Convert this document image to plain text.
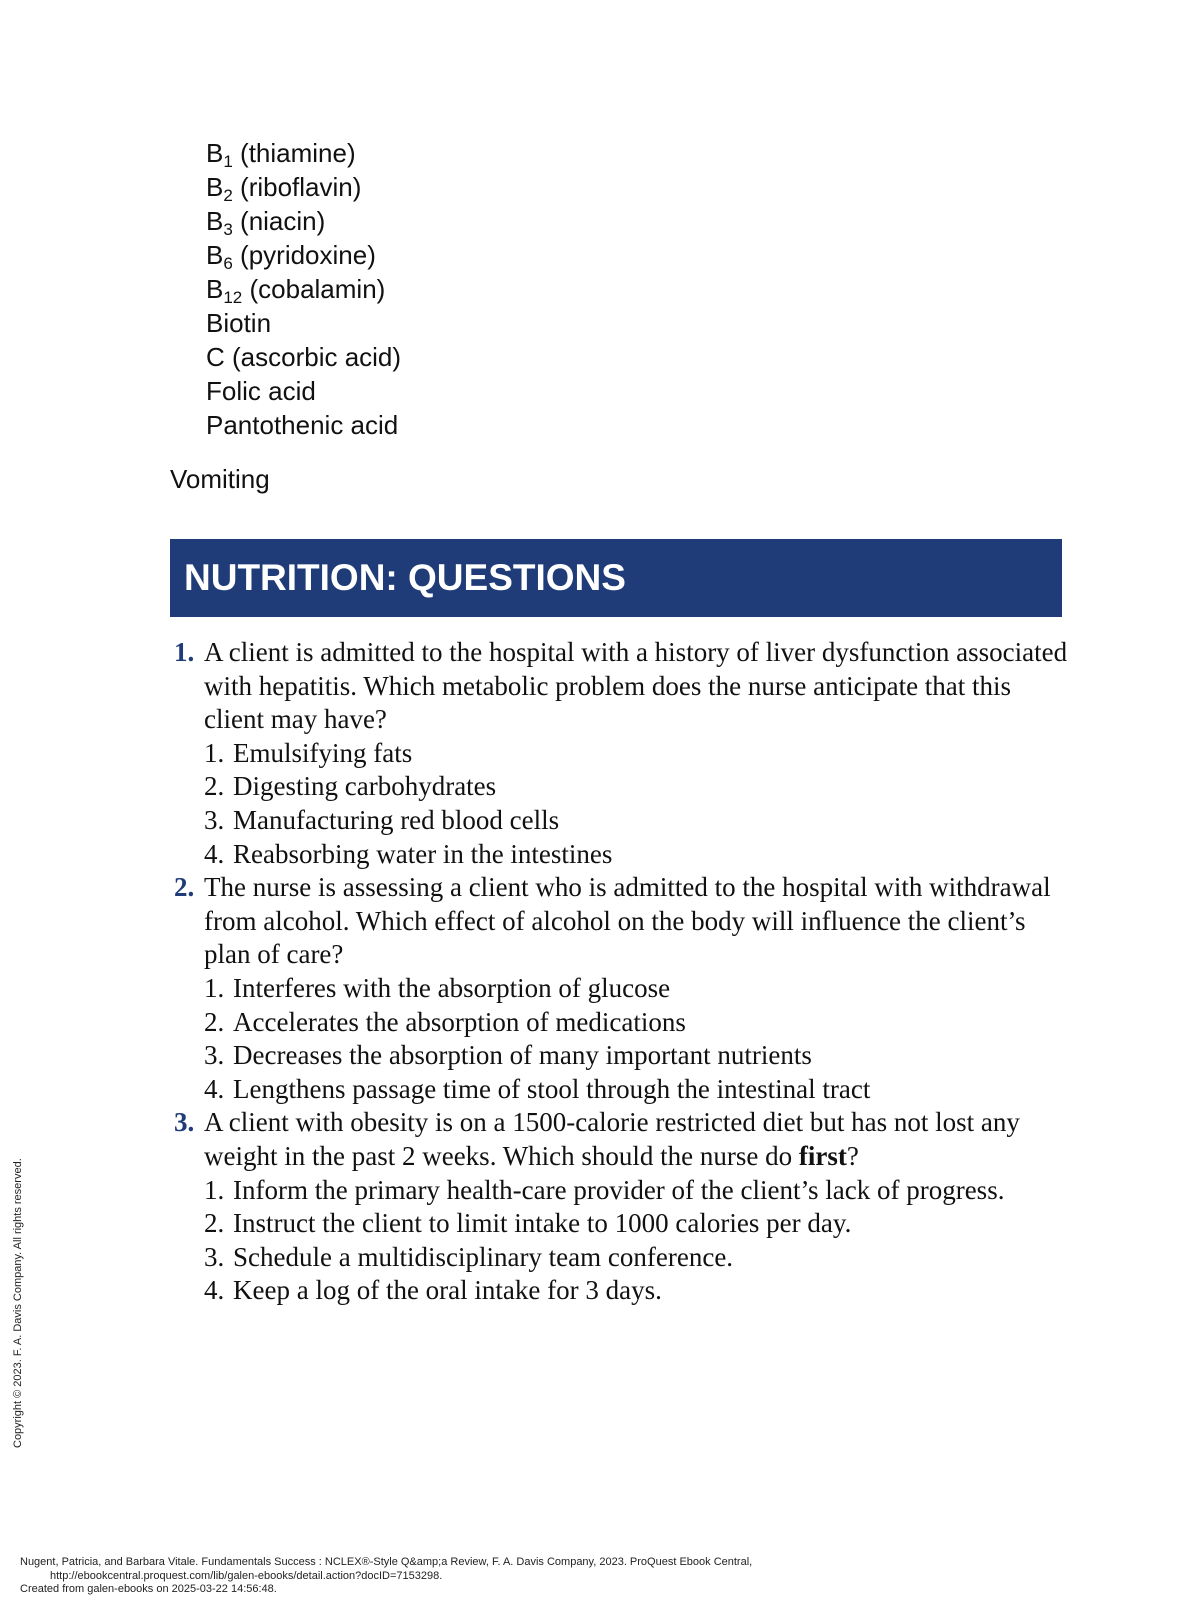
$B_1$ (thiamine)
$B_2$ (riboflavin)
$B_3$ (niacin)
$B_6$ (pyridoxine)
$B_{12}$ (cobalamin)
Biotin
C (ascorbic acid)
Folic acid
Pantothenic acid
Vomiting
NUTRITION: QUESTIONS
1. A client is admitted to the hospital with a history of liver dysfunction associated with hepatitis. Which metabolic problem does the nurse anticipate that this client may have?
1. Emulsifying fats
2. Digesting carbohydrates
3. Manufacturing red blood cells
4. Reabsorbing water in the intestines
2. The nurse is assessing a client who is admitted to the hospital with withdrawal from alcohol. Which effect of alcohol on the body will influence the client’s plan of care?
1. Interferes with the absorption of glucose
2. Accelerates the absorption of medications
3. Decreases the absorption of many important nutrients
4. Lengthens passage time of stool through the intestinal tract
3. A client with obesity is on a 1500-calorie restricted diet but has not lost any weight in the past 2 weeks. Which should the nurse do first?
1. Inform the primary health-care provider of the client’s lack of progress.
2. Instruct the client to limit intake to 1000 calories per day.
3. Schedule a multidisciplinary team conference.
4. Keep a log of the oral intake for 3 days.
Copyright © 2023. F. A. Davis Company. All rights reserved.
Nugent, Patricia, and Barbara Vitale. Fundamentals Success : NCLEX®-Style Q&amp;a Review, F. A. Davis Company, 2023. ProQuest Ebook Central,
http://ebookcentral.proquest.com/lib/galen-ebooks/detail.action?docID=7153298.
Created from galen-ebooks on 2025-03-22 14:56:48.
